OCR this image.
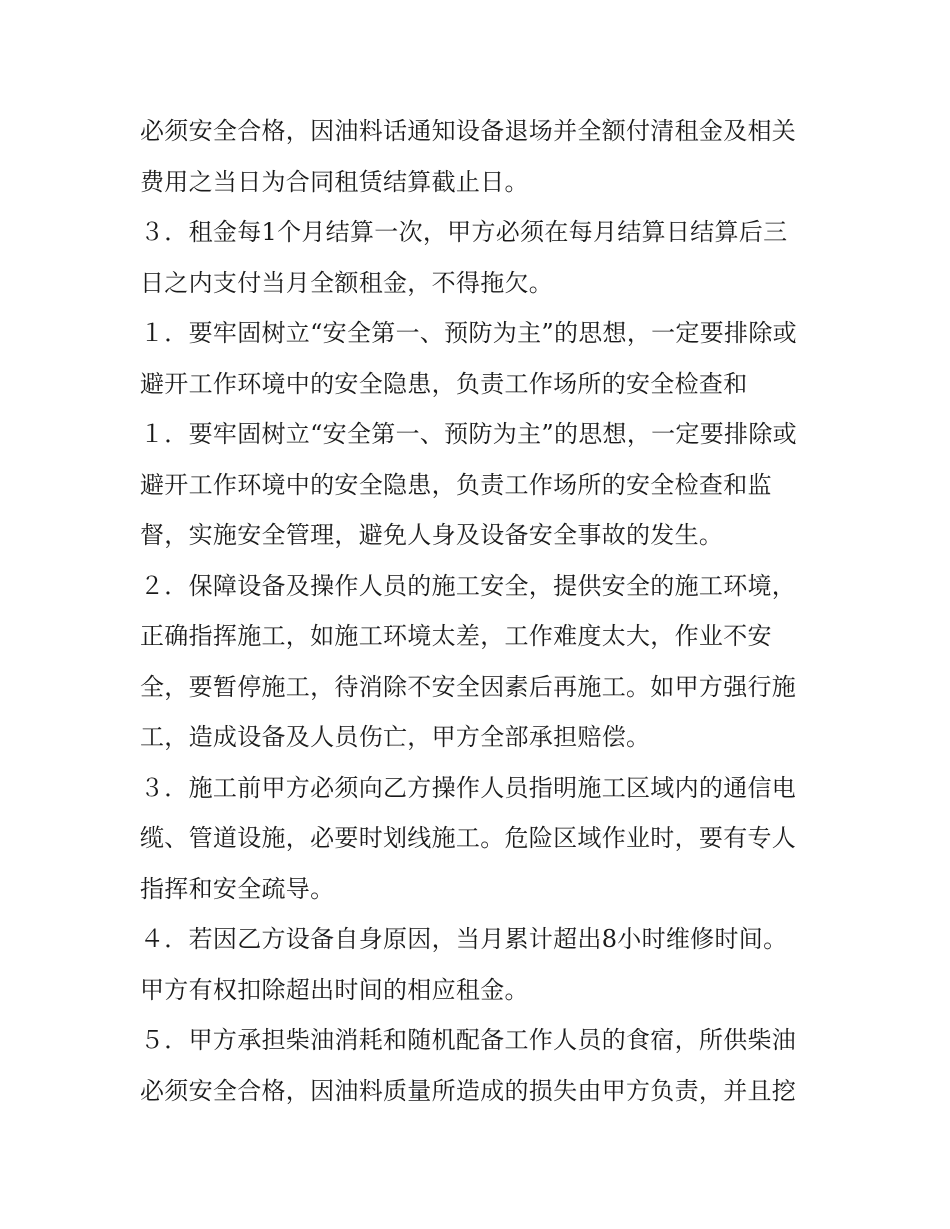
必须安全合格，因油料话通知设备退场并全额付清租金及相关
费用之当日为合同租赁结算截止日。
３．租金每1个月结算一次，甲方必须在每月结算日结算后三
日之内支付当月全额租金，不得拖欠。
１．要牢固树立“安全第一、预防为主”的思想，一定要排除或
避开工作环境中的安全隐患，负责工作场所的安全检查和
１．要牢固树立“安全第一、预防为主”的思想，一定要排除或
避开工作环境中的安全隐患，负责工作场所的安全检查和监
督，实施安全管理，避免人身及设备安全事故的发生。
２．保障设备及操作人员的施工安全，提供安全的施工环境，
正确指挥施工，如施工环境太差，工作难度太大，作业不安
全，要暂停施工，待消除不安全因素后再施工。如甲方强行施
工，造成设备及人员伤亡，甲方全部承担赔偿。
３．施工前甲方必须向乙方操作人员指明施工区域内的通信电
缆、管道设施，必要时划线施工。危险区域作业时，要有专人
指挥和安全疏导。
４．若因乙方设备自身原因，当月累计超出8小时维修时间。
甲方有权扣除超出时间的相应租金。
５．甲方承担柴油消耗和随机配备工作人员的食宿，所供柴油
必须安全合格，因油料质量所造成的损失由甲方负责，并且挖
